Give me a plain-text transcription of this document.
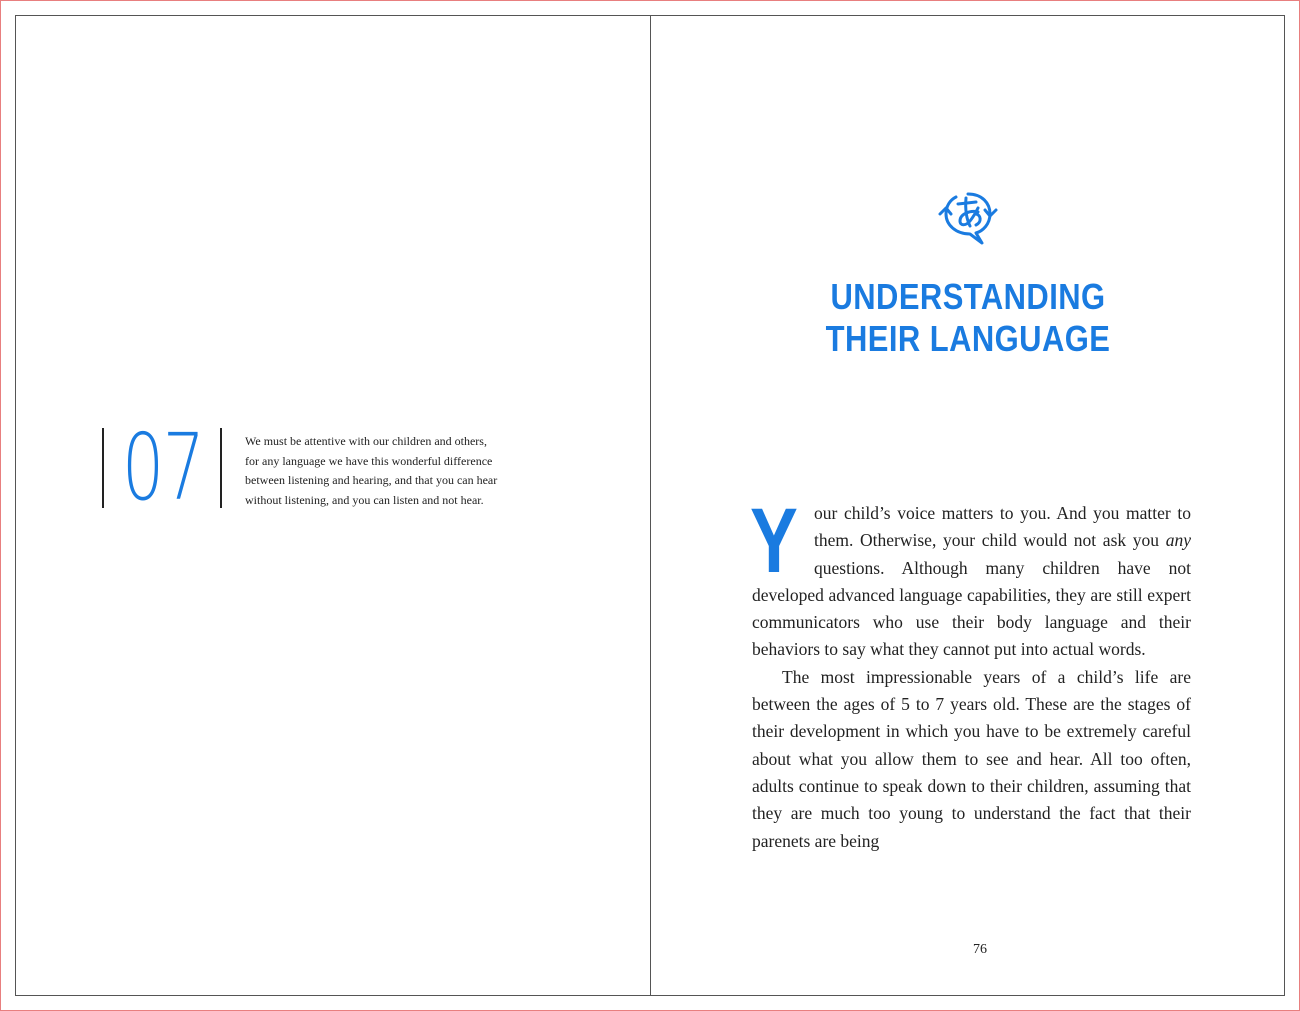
07	We must be attentive with our children and others,
for any language we have this wonderful difference
between listening and hearing, and that you can hear
without listening, and you can listen and not hear.
UNDERSTANDING
THEIR LANGUAGE

Your child’s voice matters to you. And you matter to them. Otherwise, your child would not ask you any questions. Although many children have not developed advanced language capabilities, they are still expert communicators who use their body language and their behaviors to say what they cannot put into actual words.

The most impressionable years of a child’s life are between the ages of 5 to 7 years old. These are the stages of their development in which you have to be extremely careful about what you allow them to see and hear. All too often, adults continue to speak down to their children, assuming that they are much too young to understand the fact that their parenets are being

76
